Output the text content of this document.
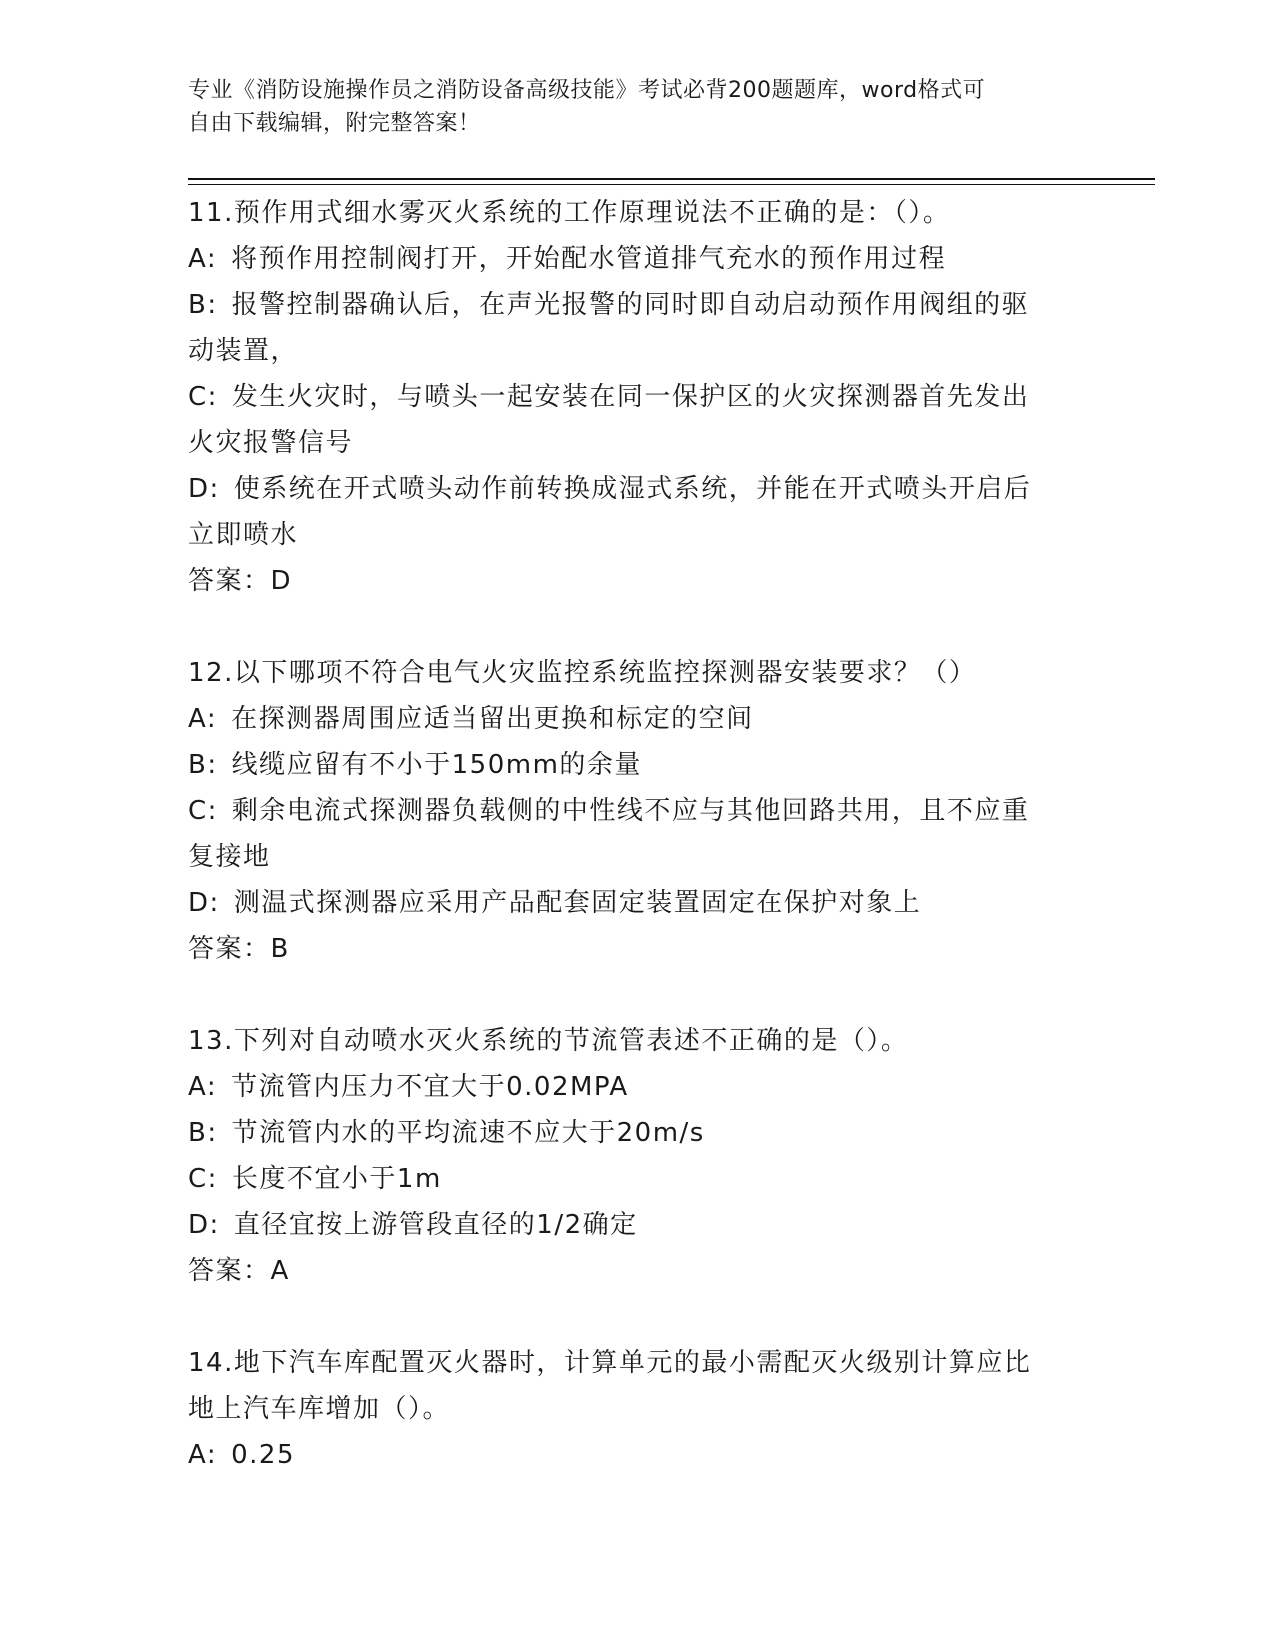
专业《消防设施操作员之消防设备高级技能》考试必背200题题库，word格式可
自由下载编辑，附完整答案！
11.预作用式细水雾灭火系统的工作原理说法不正确的是：（）。
A: 将预作用控制阀打开，开始配水管道排气充水的预作用过程
B: 报警控制器确认后，在声光报警的同时即自动启动预作用阀组的驱
动装置，
C: 发生火灾时，与喷头一起安装在同一保护区的火灾探测器首先发出
火灾报警信号
D: 使系统在开式喷头动作前转换成湿式系统，并能在开式喷头开启后
立即喷水
答案：D
12.以下哪项不符合电气火灾监控系统监控探测器安装要求？（）
A: 在探测器周围应适当留出更换和标定的空间
B: 线缆应留有不小于150mm的余量
C: 剩余电流式探测器负载侧的中性线不应与其他回路共用，且不应重
复接地
D: 测温式探测器应采用产品配套固定装置固定在保护对象上
答案：B
13.下列对自动喷水灭火系统的节流管表述不正确的是（）。
A: 节流管内压力不宜大于0.02MPA
B: 节流管内水的平均流速不应大于20m/s
C: 长度不宜小于1m
D: 直径宜按上游管段直径的1/2确定
答案：A
14.地下汽车库配置灭火器时，计算单元的最小需配灭火级别计算应比
地上汽车库增加（）。
A: 0.25
